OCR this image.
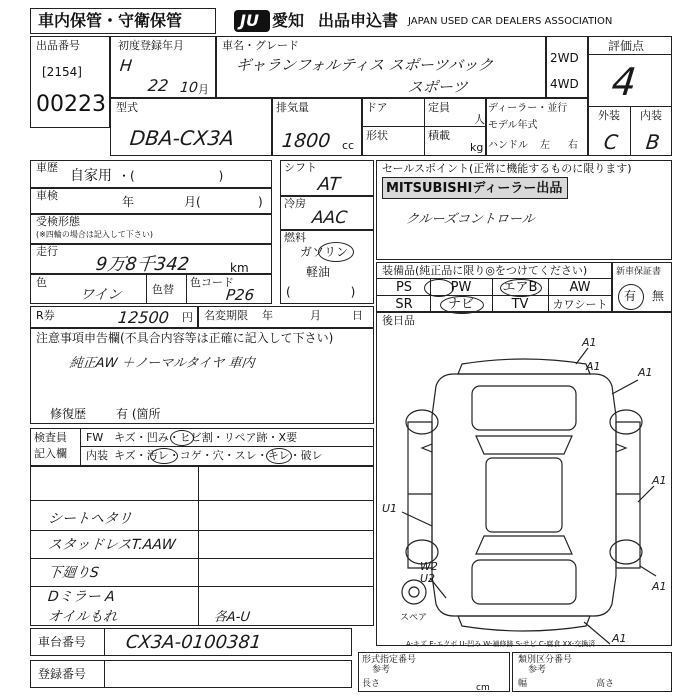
車内保管・守衛保管	JU 愛知 出品申込書 JAPAN USED CAR DEALERS ASSOCIATION
出品番号
[2154]
00223
初度登録年月
H
22 10 月
車名・グレード
ギャランフォルティス スポーツバック
スポーツ
2WD
4WD
評価点
4
外装 内装
C B
型式
DBA-CX3A
排気量
1800 cc
ドア	定員
人
形状	積載
kg
ディーラー・並行
モデル年式
ハンドル 左 右
車歴
自家用 ・(　　　　　　　)
車検	年	月(	)
受検形態
(※四輪の場合は記入して下さい)
走行
9万8千342	km
色
ワイン	色替
色コード
P26
シフト
AT
冷房
AAC
燃料
ガソリン
軽油
(　　　　　)
セールスポイント(正常に機能するものに限ります)
MITSUBISHIディーラー出品
クルーズコントロール
装備品(純正品に限り◎をつけてください)
PS	PW	エアB	AW
SR	ナビ	TV	カワシート
新車保証書
有 無
R券	12500 円 名変期限 年	月	日
注意事項申告欄(不具合内容等は正確に記入して下さい)
純正AW ＋ノーマルタイヤ 車内
修復歴 有 (箇所
後日品
検査員
記入欄
FW キズ・凹み・ヒビ割・リペア跡・X要
内装 キズ・汚レ・コゲ・穴・スレ・キレ・破レ
シートヘタリ
スタッドレスT.AAW
下廻りS
Dミラー A
オイルもれ	各A-U
A1
A1	A1
A1
U1
A1
W2
U2
A1
スペア
A-キズ E-エクボ U-凹み W-補修跡 S-サビ C-腐食 XX-交換済
車台番号 CX3A-0100381
登録番号
形式指定番号
参考
長さ	cm
類別区分番号
参考
幅	高さ
